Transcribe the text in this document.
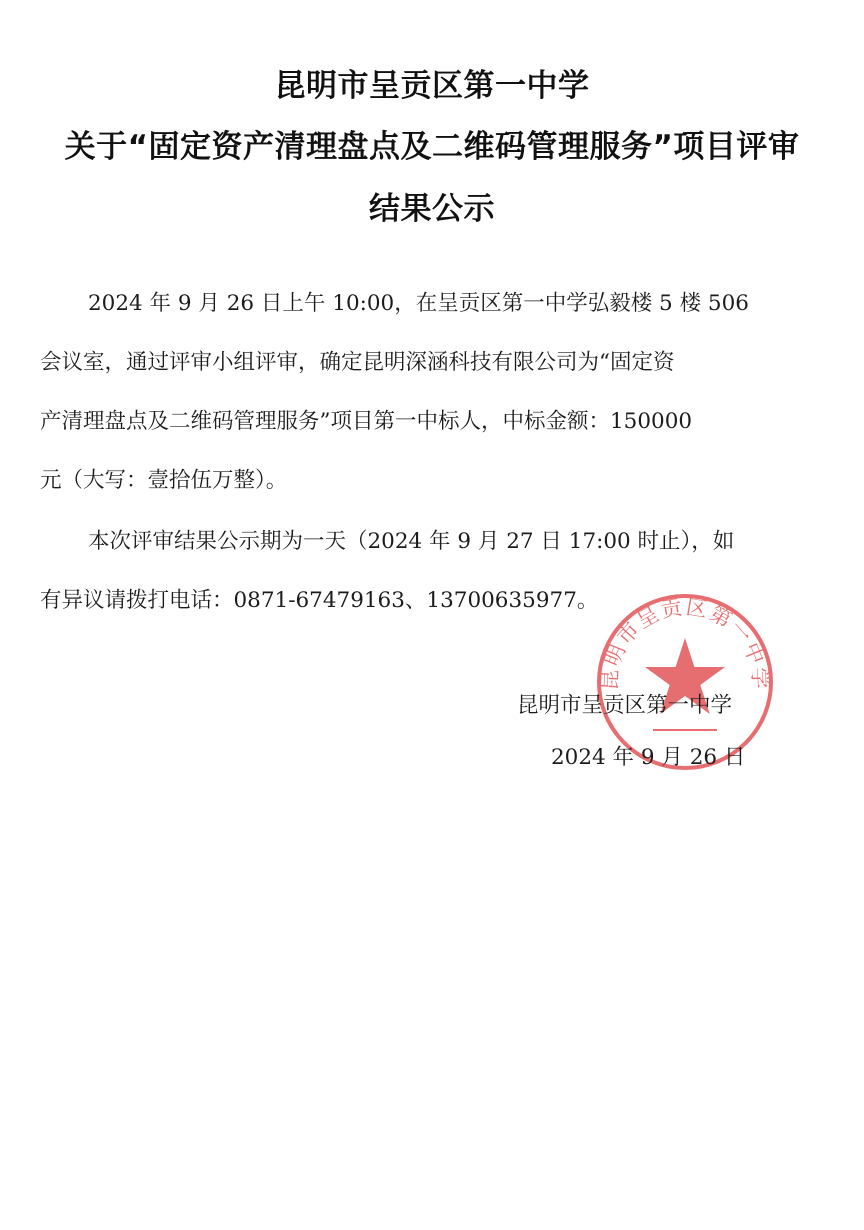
昆明市呈贡区第一中学
关于“固定资产清理盘点及二维码管理服务”项目评审
结果公示
2024 年 9 月 26 日上午 10:00，在呈贡区第一中学弘毅楼 5 楼 506
会议室，通过评审小组评审，确定昆明深涵科技有限公司为“固定资
产清理盘点及二维码管理服务”项目第一中标人，中标金额：150000
元（大写：壹拾伍万整）。
本次评审结果公示期为一天（2024 年 9 月 27 日 17:00 时止），如
有异议请拨打电话：0871-67479163、13700635977。
昆明市呈贡区第一中学
昆明市呈贡区第一中学
2024 年 9 月 26 日
